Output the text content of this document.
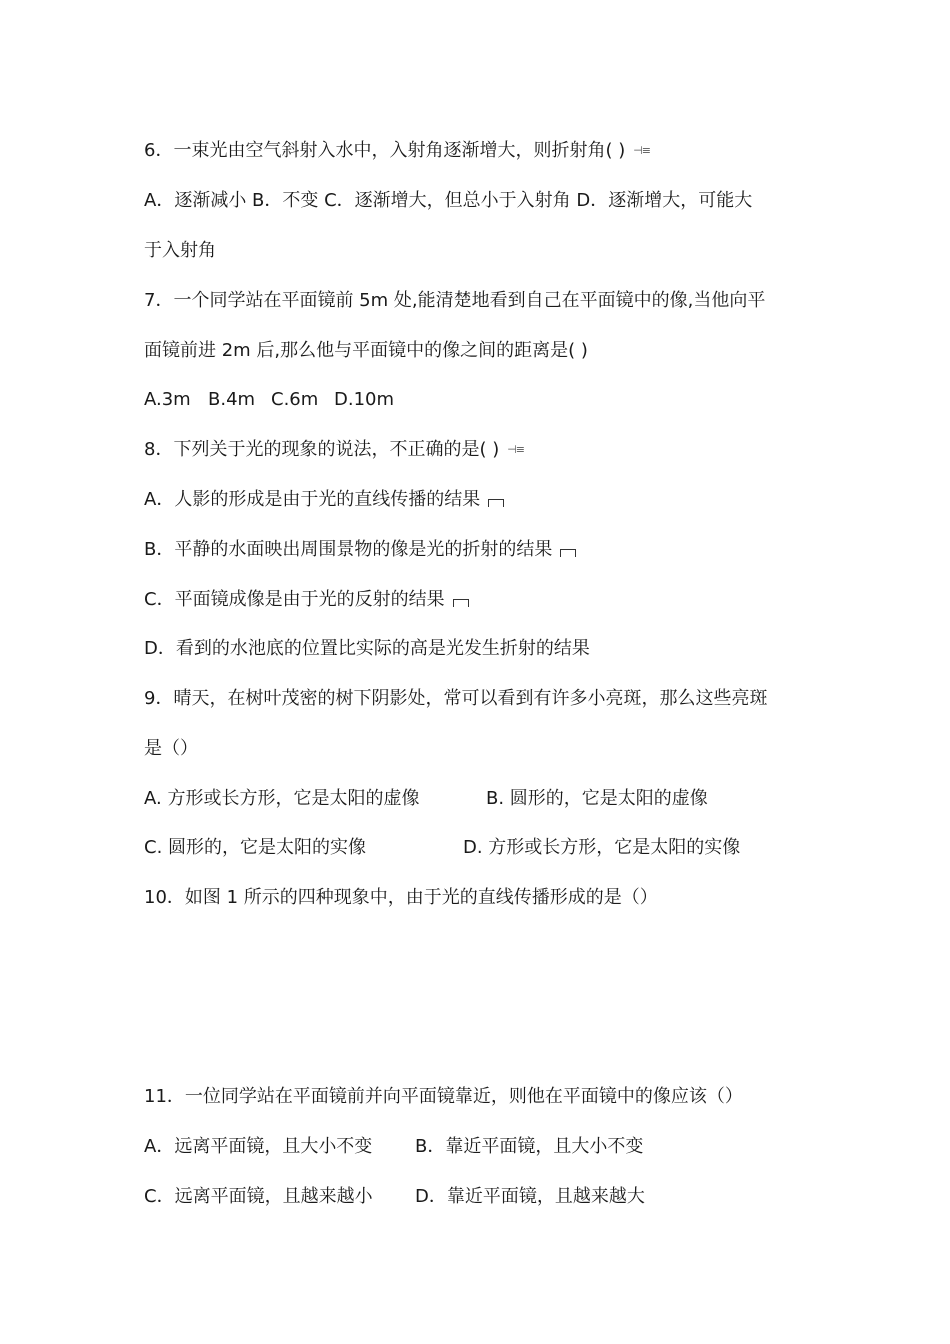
6．一束光由空气斜射入水中，入射角逐渐增大，则折射角( ) ⊣≡
A．逐渐减小 B．不变 C．逐渐增大，但总小于入射角 D．逐渐增大，可能大
于入射角
7．一个同学站在平面镜前 5m 处,能清楚地看到自己在平面镜中的像,当他向平
面镜前进 2m 后,那么他与平面镜中的像之间的距离是( )
A.3m B.4m C.6m D.10m
8．下列关于光的现象的说法，不正确的是( ) ⊣≡
A．人影的形成是由于光的直线传播的结果
B．平静的水面映出周围景物的像是光的折射的结果
C．平面镜成像是由于光的反射的结果
D．看到的水池底的位置比实际的高是光发生折射的结果
9．晴天，在树叶茂密的树下阴影处，常可以看到有许多小亮斑，那么这些亮斑
是（）
A. 方形或长方形，它是太阳的虚像	B. 圆形的，它是太阳的虚像
C. 圆形的，它是太阳的实像	D. 方形或长方形，它是太阳的实像
10．如图 1 所示的四种现象中，由于光的直线传播形成的是（）
11．一位同学站在平面镜前并向平面镜靠近，则他在平面镜中的像应该（）
A．远离平面镜，且大小不变 B．靠近平面镜，且大小不变
C．远离平面镜，且越来越小 D．靠近平面镜，且越来越大
